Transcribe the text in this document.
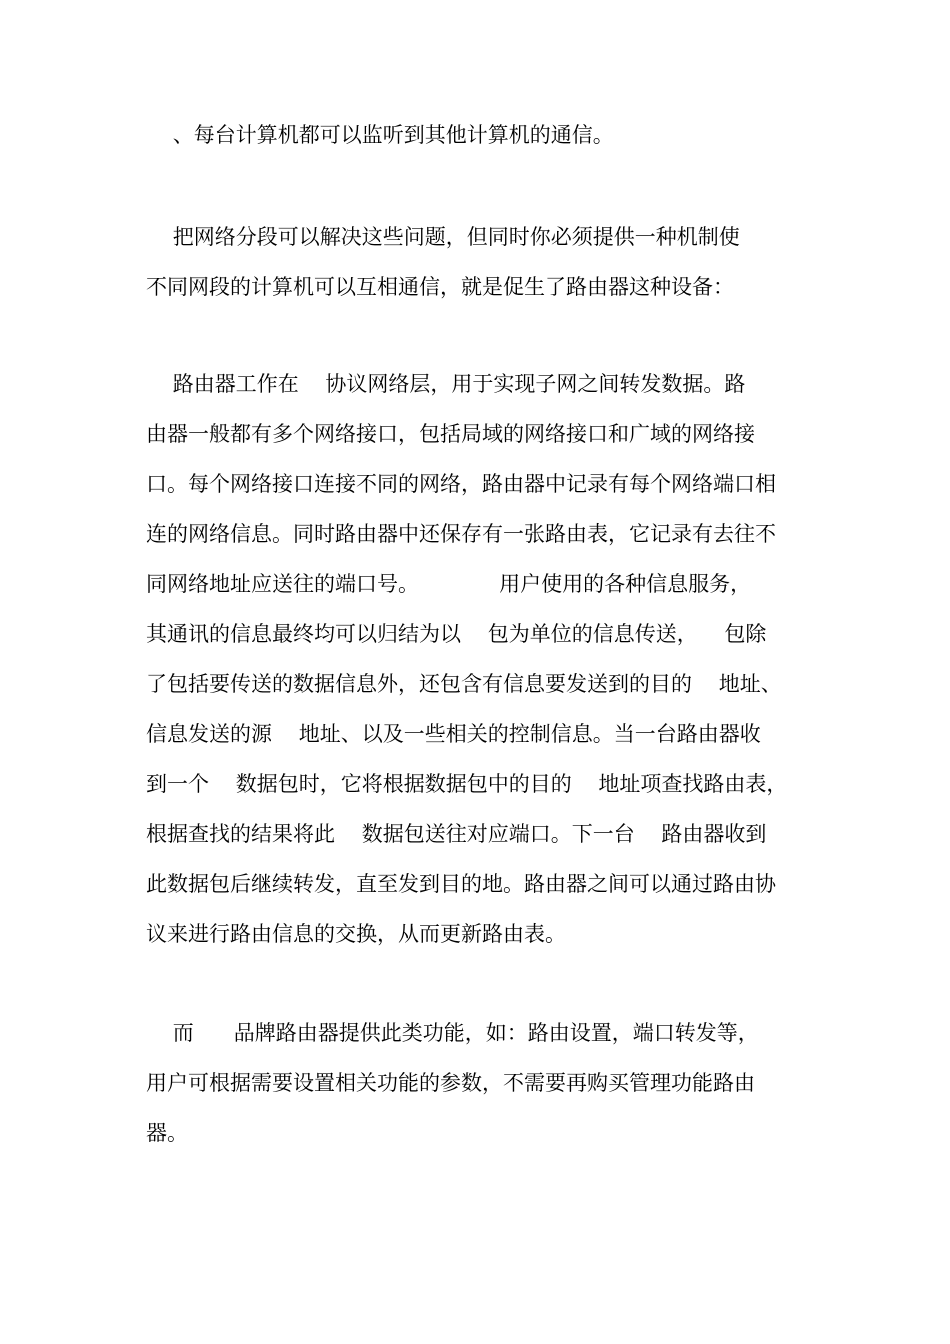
、每台计算机都可以监听到其他计算机的通信。

把网络分段可以解决这些问题，但同时你必须提供一种机制使

不同网段的计算机可以互相通信，就是促生了路由器这种设备：

路由器工作在    协议网络层，用于实现子网之间转发数据。路

由器一般都有多个网络接口，包括局域的网络接口和广域的网络接

口。每个网络接口连接不同的网络，路由器中记录有每个网络端口相

连的网络信息。同时路由器中还保存有一张路由表，它记录有去往不

同网络地址应送往的端口号。            用户使用的各种信息服务，

其通讯的信息最终均可以归结为以    包为单位的信息传送，    包除

了包括要传送的数据信息外，还包含有信息要发送到的目的    地址、

信息发送的源    地址、以及一些相关的控制信息。当一台路由器收

到一个    数据包时，它将根据数据包中的目的    地址项查找路由表，

根据查找的结果将此    数据包送往对应端口。下一台    路由器收到

此数据包后继续转发，直至发到目的地。路由器之间可以通过路由协

议来进行路由信息的交换，从而更新路由表。

而      品牌路由器提供此类功能，如：路由设置，端口转发等，

用户可根据需要设置相关功能的参数，不需要再购买管理功能路由

器。
